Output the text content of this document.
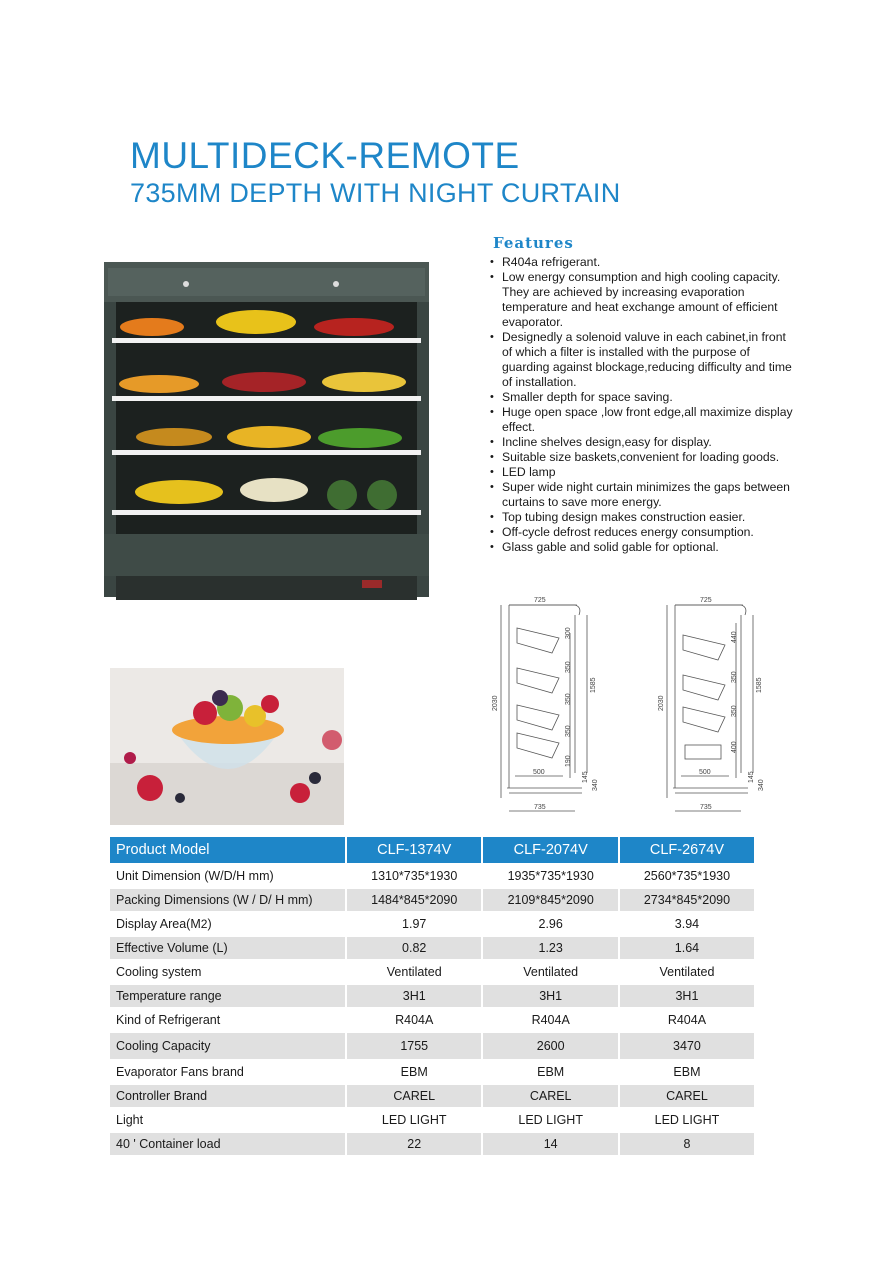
MULTIDECK-REMOTE
735MM DEPTH WITH NIGHT CURTAIN
Features
• R404a refrigerant.
• Low energy consumption and high cooling capacity. They are achieved by increasing evaporation temperature and heat exchange amount of efficient evaporator.
• Designedly a solenoid valuve in each cabinet,in front of which a filter is installed with the purpose of guarding against blockage,reducing difficulty and time of installation.
• Smaller depth for space saving.
• Huge open space ,low front edge,all maximize display effect.
• Incline shelves design,easy for display.
• Suitable size baskets,convenient for loading goods.
• LED lamp
• Super wide night curtain minimizes the gaps between curtains to save more energy.
• Top tubing design makes construction easier.
• Off-cycle defrost reduces energy consumption.
• Glass gable and solid gable for optional.
725
2030
1585
300
350
350
350
190
500	145
340
735
725
2030
1585
440
350
350
400
500	145
340
735
Product Model	CLF-1374V	CLF-2074V	CLF-2674V
Unit Dimension (W/D/H mm)	1310*735*1930	1935*735*1930	2560*735*1930
Packing Dimensions (W / D/ H mm)	1484*845*2090	2109*845*2090	2734*845*2090
Display $Area(M^2)$	1.97	2.96	3.94
Effective Volume (L)	0.82	1.23	1.64
Cooling system	Ventilated	Ventilated	Ventilated
Temperature range	3H1	3H1	3H1
Kind of Refrigerant	R404A	R404A	R404A
Cooling Capacity	1755	2600	3470
Evaporator Fans brand	EBM	EBM	EBM
Controller Brand	CAREL	CAREL	CAREL
Light	LED LIGHT	LED LIGHT	LED LIGHT
40 ' Container load	22	14	8
